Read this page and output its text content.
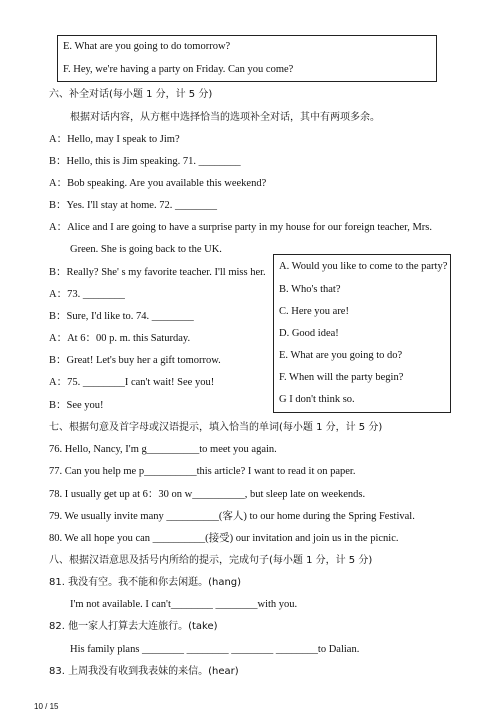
E. What are you going to do tomorrow?
F. Hey, we're having a party on Friday. Can you come?
六、补全对话(每小题 1 分，计 5 分)
根据对话内容，从方框中选择恰当的选项补全对话，其中有两项多余。
A：Hello, may I speak to Jim?
B：Hello, this is Jim speaking. 71. ________
A：Bob speaking. Are you available this weekend?
B：Yes. I'll stay at home. 72. ________
A：Alice and I are going to have a surprise party in my house for our foreign teacher, Mrs.
Green. She is going back to the UK.
B：Really? She' s my favorite teacher. I'll miss her.
A：73. ________
B：Sure, I'd like to. 74. ________
A：At 6：00 p. m. this Saturday.
B：Great! Let's buy her a gift tomorrow.
A：75. ________I can't wait! See you!
B：See you!
A. Would you like to come to the party?
B. Who's that?
C. Here you are!
D. Good idea!
E. What are you going to do?
F. When will the party begin?
G I don't think so.
七、根据句意及首字母或汉语提示，填入恰当的单词(每小题 1 分，计 5 分)
76. Hello, Nancy, I'm g__________to meet you again.
77. Can you help me p__________this article? I want to read it on paper.
78. I usually get up at 6：30 on w__________, but sleep late on weekends.
79. We usually invite many __________(客人) to our home during the Spring Festival.
80. We all hope you can __________(接受) our invitation and join us in the picnic.
八、根据汉语意思及括号内所给的提示，完成句子(每小题 1 分，计 5 分)
81. 我没有空。我不能和你去闲逛。(hang)
I'm not available. I can't________ ________with you.
82. 他一家人打算去大连旅行。(take)
His family plans ________ ________ ________ ________to Dalian.
83. 上周我没有收到我表妹的来信。(hear)
10 / 15
